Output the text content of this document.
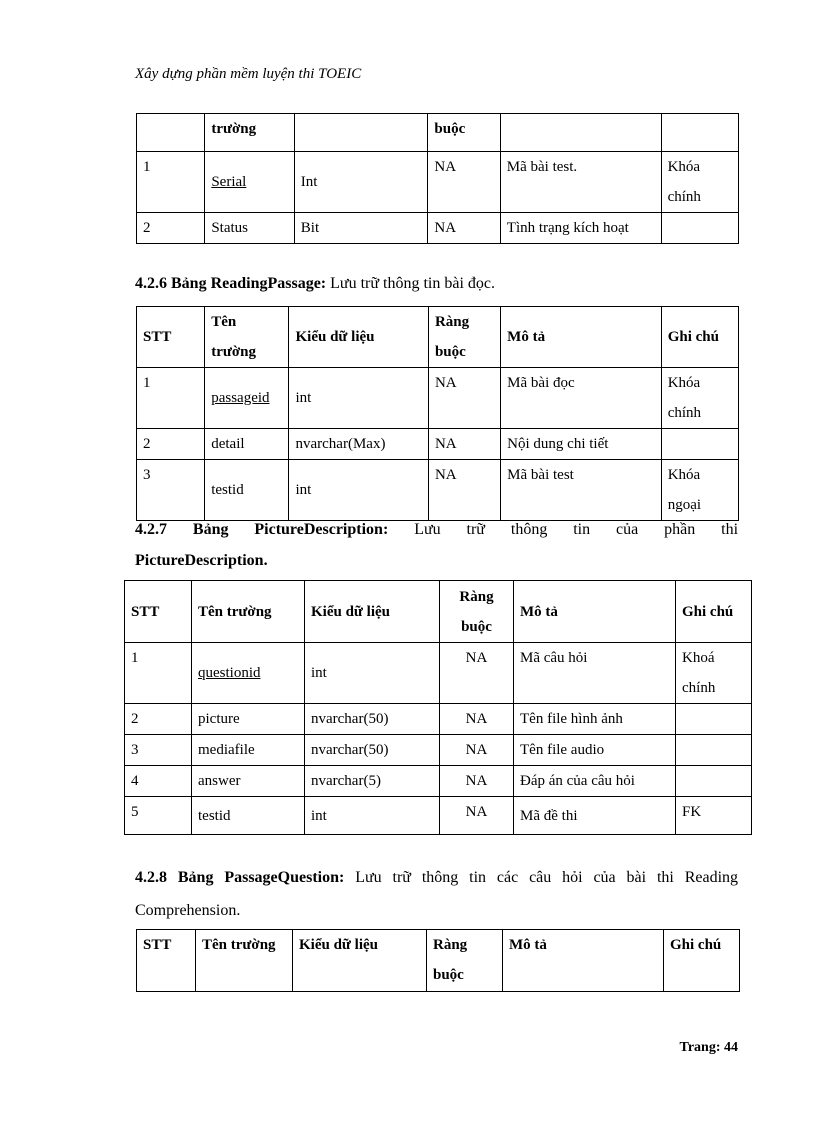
Xây dựng phần mềm luyện thi TOEIC
	trường		buộc		
1	Serial	Int	NA	Mã bài test.	Khóa chính
2	Status	Bit	NA	Tình trạng kích hoạt	
4.2.6 Bảng ReadingPassage: Lưu trữ thông tin bài đọc.
STT	Tên trường	Kiểu dữ liệu	Ràng buộc	Mô tả	Ghi chú
1	passageid	int	NA	Mã bài đọc	Khóa chính
2	detail	nvarchar(Max)	NA	Nội dung chi tiết	
3	testid	int	NA	Mã bài test	Khóa ngoại
4.2.7 Bảng PictureDescription: Lưu trữ thông tin của phần thi
PictureDescription.
STT	Tên trường	Kiểu dữ liệu	Ràng buộc	Mô tả	Ghi chú
1	questionid	int	NA	Mã câu hỏi	Khoá chính
2	picture	nvarchar(50)	NA	Tên file hình ảnh	
3	mediafile	nvarchar(50)	NA	Tên file audio	
4	answer	nvarchar(5)	NA	Đáp án của câu hỏi	
5	testid	int	NA	Mã đề thi	FK
4.2.8 Bảng PassageQuestion: Lưu trữ thông tin các câu hỏi của bài thi Reading
Comprehension.
STT	Tên trường	Kiểu dữ liệu	Ràng buộc	Mô tả	Ghi chú
Trang: 44
